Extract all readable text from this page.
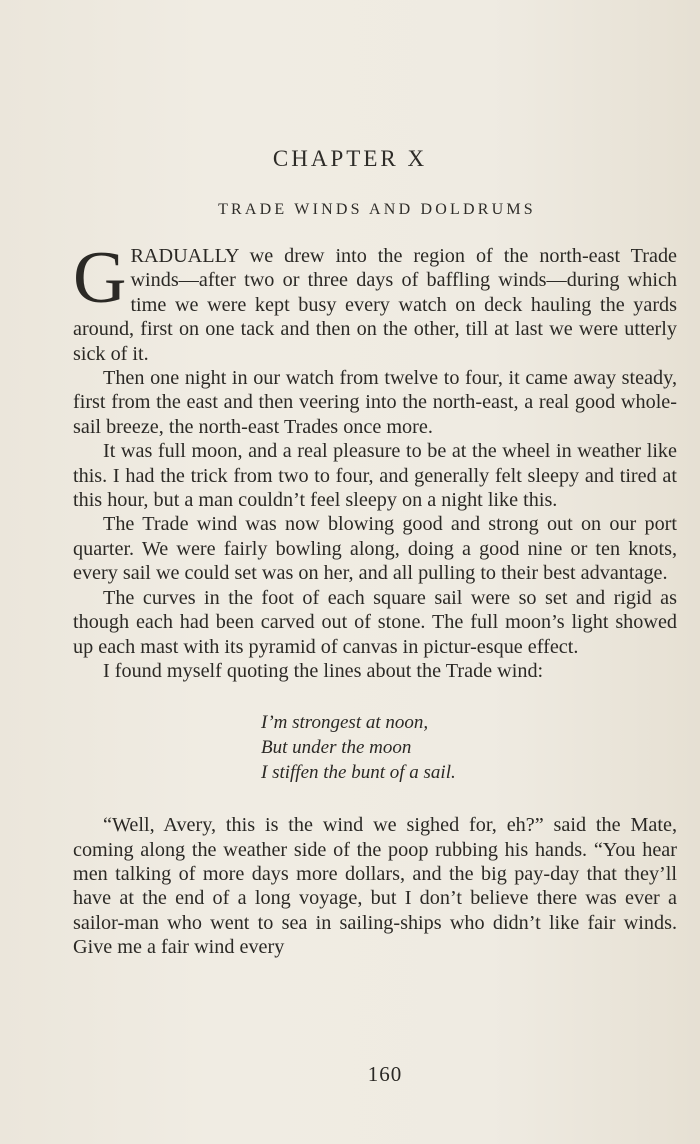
CHAPTER X
TRADE WINDS AND DOLDRUMS

GRADUALLY we drew into the region of the north-east Trade winds—after two or three days of baffling winds—during which time we were kept busy every watch on deck hauling the yards around, first on one tack and then on the other, till at last we were utterly sick of it.

Then one night in our watch from twelve to four, it came away steady, first from the east and then veering into the north-east, a real good whole-sail breeze, the north-east Trades once more.

It was full moon, and a real pleasure to be at the wheel in weather like this. I had the trick from two to four, and generally felt sleepy and tired at this hour, but a man couldn’t feel sleepy on a night like this.

The Trade wind was now blowing good and strong out on our port quarter. We were fairly bowling along, doing a good nine or ten knots, every sail we could set was on her, and all pulling to their best advantage.

The curves in the foot of each square sail were so set and rigid as though each had been carved out of stone. The full moon’s light showed up each mast with its pyramid of canvas in pictur-esque effect.

I found myself quoting the lines about the Trade wind:

I’m strongest at noon,
But under the moon
I stiffen the bunt of a sail.

“Well, Avery, this is the wind we sighed for, eh?” said the Mate, coming along the weather side of the poop rubbing his hands. “You hear men talking of more days more dollars, and the big pay-day that they’ll have at the end of a long voyage, but I don’t believe there was ever a sailor-man who went to sea in sailing-ships who didn’t like fair winds. Give me a fair wind every

160
